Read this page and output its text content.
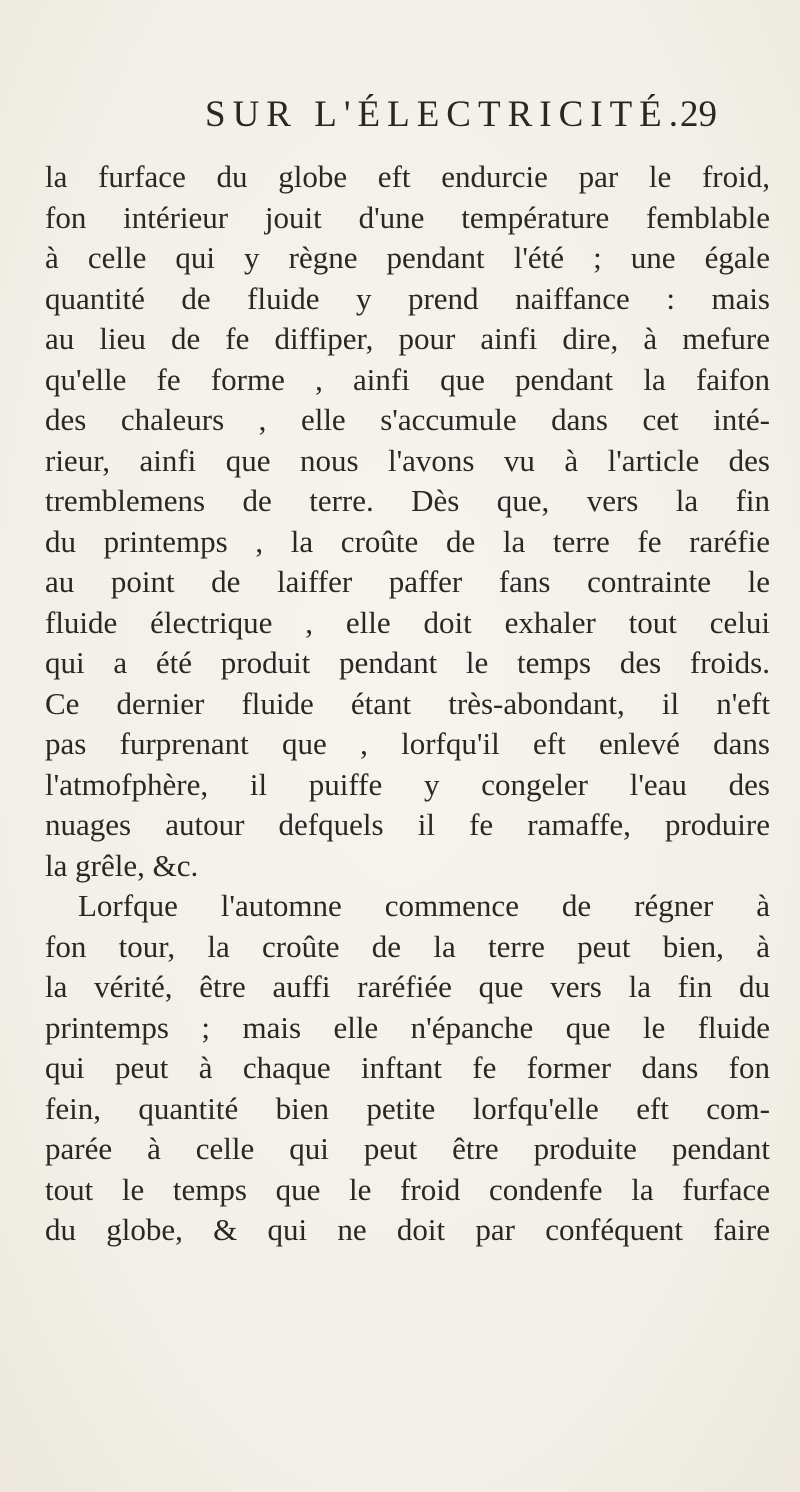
SUR L'ÉLECTRICITÉ.
29
la furface du globe eft endurcie par le froid,
fon intérieur jouit d'une température femblable
à celle qui y règne pendant l'été ; une égale
quantité de fluide y prend naiffance : mais
au lieu de fe diffiper, pour ainfi dire, à mefure
qu'elle fe forme , ainfi que pendant la faifon
des chaleurs , elle s'accumule dans cet inté-
rieur, ainfi que nous l'avons vu à l'article des
tremblemens de terre. Dès que, vers la fin
du printemps , la croûte de la terre fe raréfie
au point de laiffer paffer fans contrainte le
fluide électrique , elle doit exhaler tout celui
qui a été produit pendant le temps des froids.
Ce dernier fluide étant très-abondant, il n'eft
pas furprenant que , lorfqu'il eft enlevé dans
l'atmofphère, il puiffe y congeler l'eau des
nuages autour defquels il fe ramaffe, produire
la grêle, &c.
Lorfque l'automne commence de régner à
fon tour, la croûte de la terre peut bien, à
la vérité, être auffi raréfiée que vers la fin du
printemps ; mais elle n'épanche que le fluide
qui peut à chaque inftant fe former dans fon
fein, quantité bien petite lorfqu'elle eft com-
parée à celle qui peut être produite pendant
tout le temps que le froid condenfe la furface
du globe, & qui ne doit par conféquent faire
